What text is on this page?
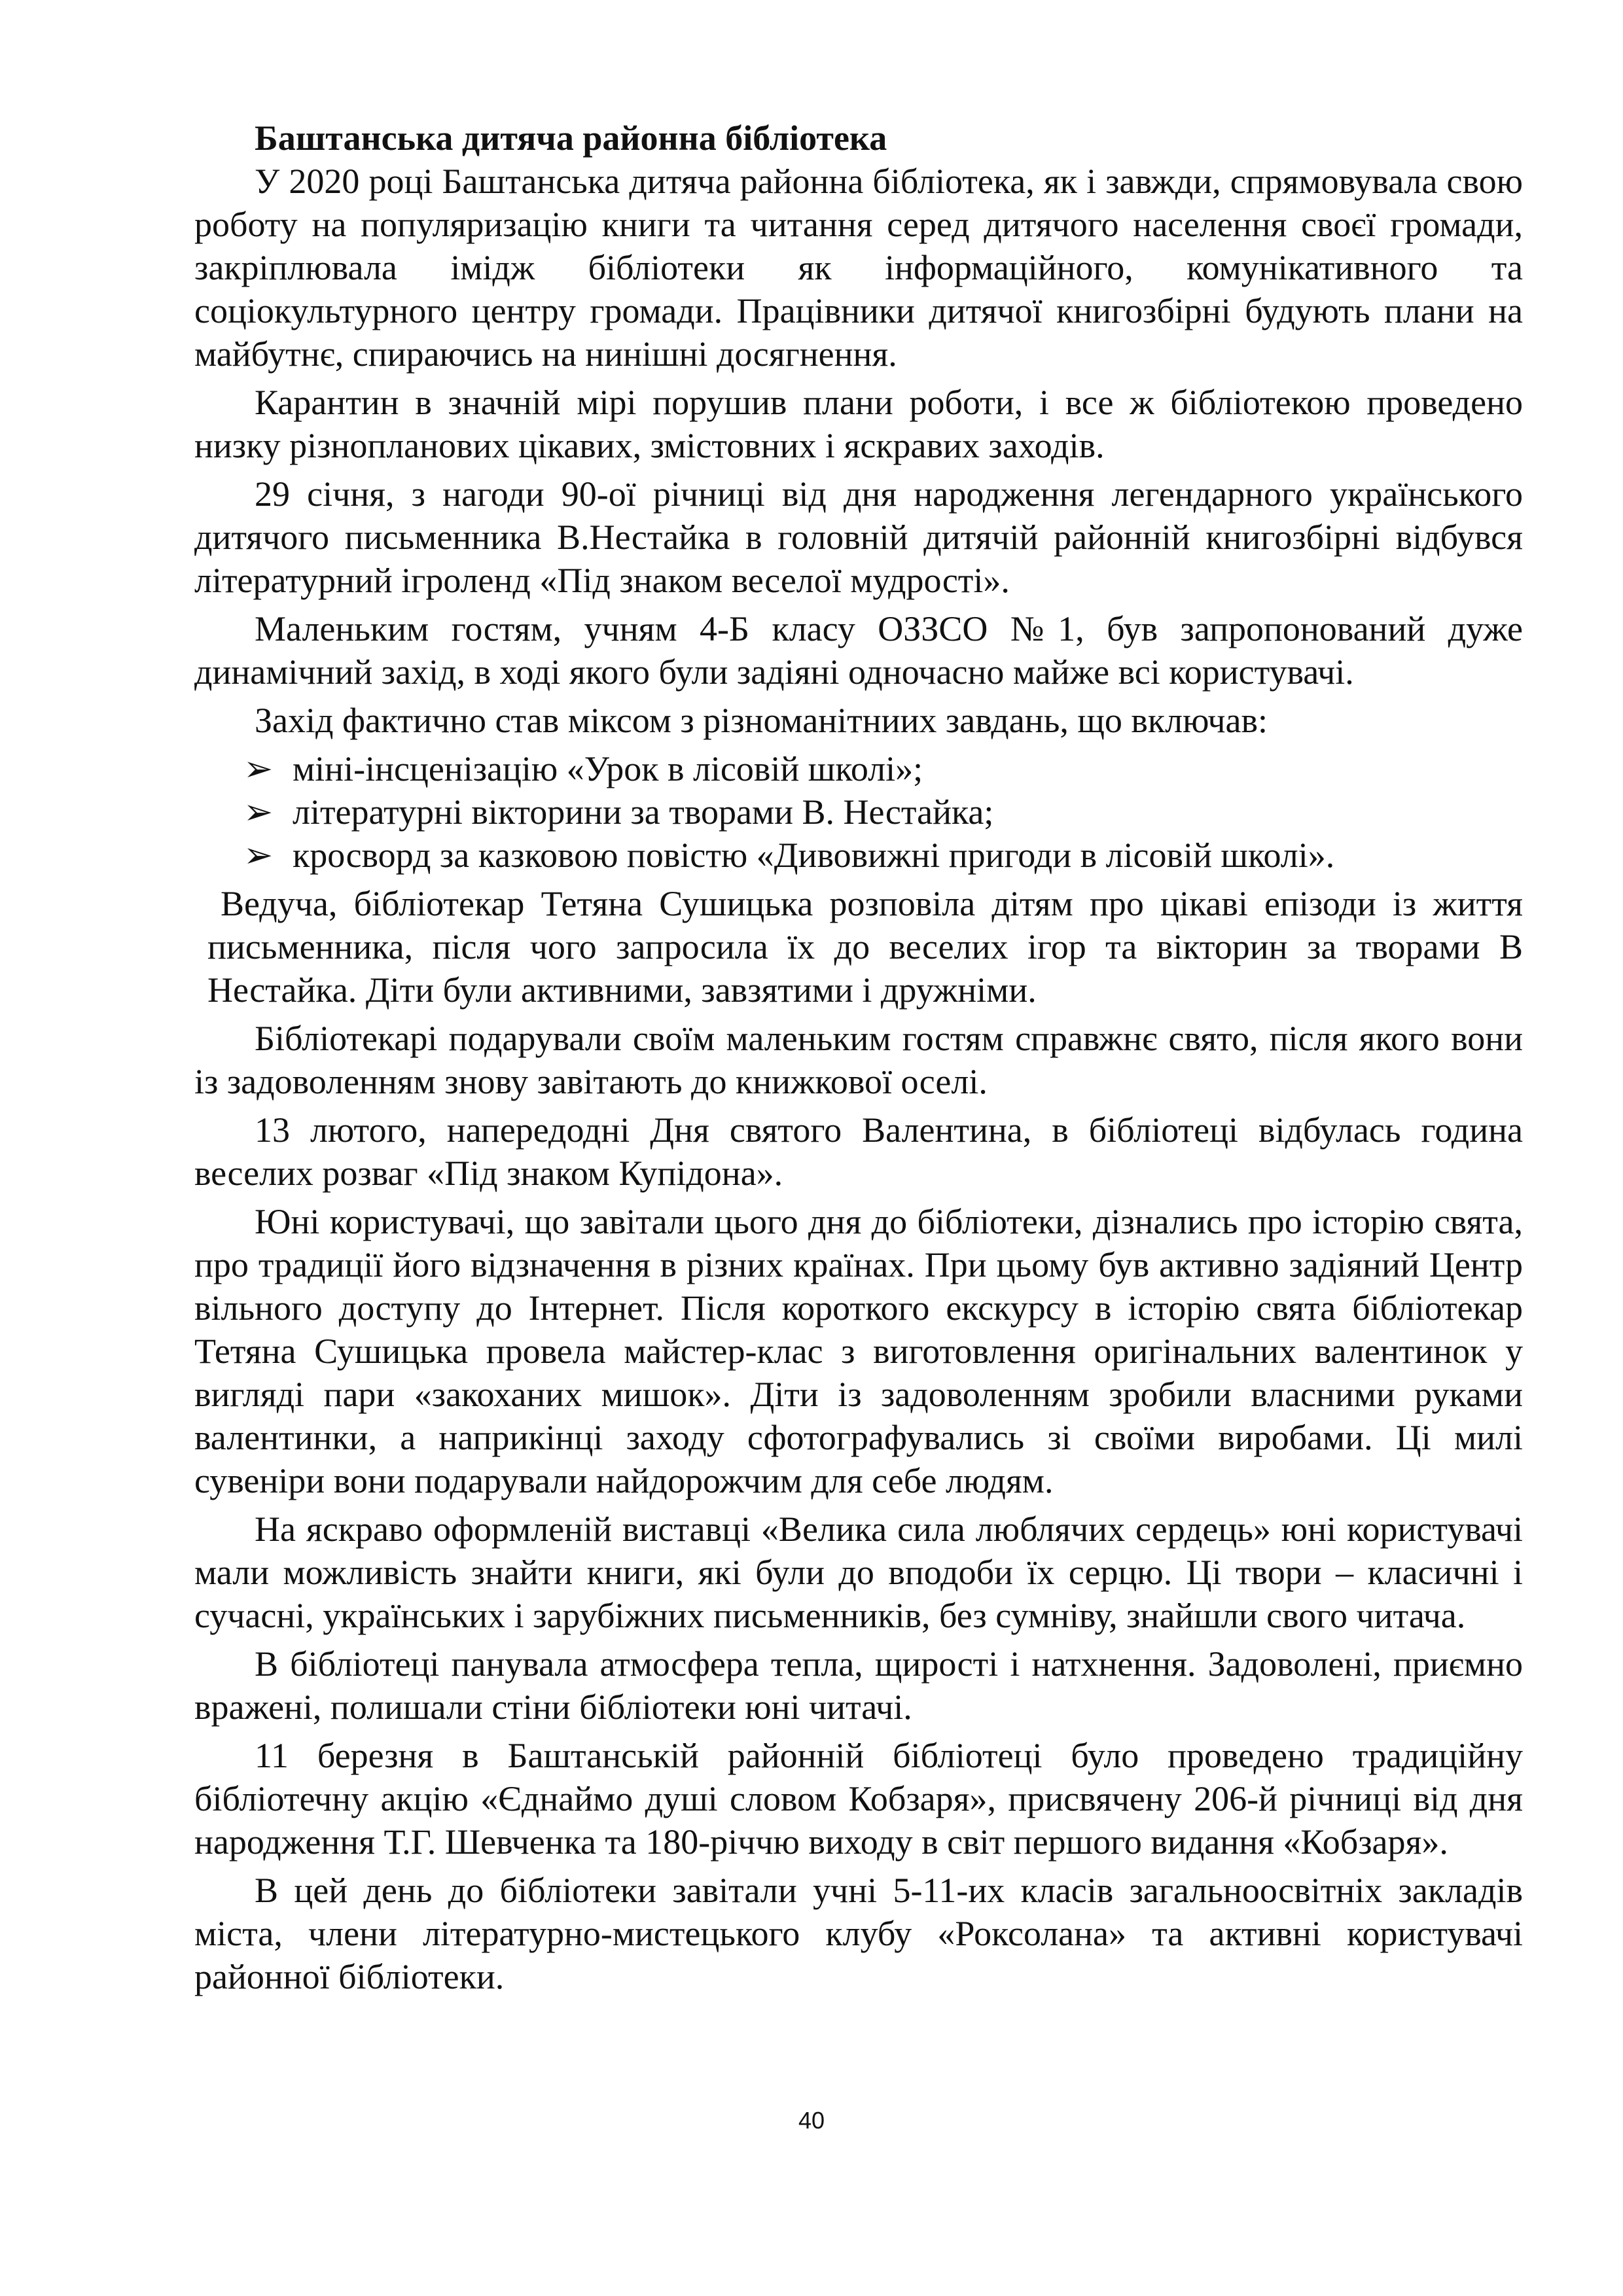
Баштанська дитяча районна бібліотека

У 2020 році Баштанська дитяча районна бібліотека, як і завжди, спрямовувала свою роботу на популяризацію книги та читання серед дитячого населення своєї громади, закріплювала імідж бібліотеки як інформаційного, комунікативного та соціокультурного центру громади. Працівники дитячої книгозбірні будують плани на майбутнє, спираючись на нинішні досягнення.

Карантин в значній мірі порушив плани роботи, і все ж бібліотекою проведено низку різнопланових цікавих, змістовних і яскравих заходів.

29 січня, з нагоди 90-ої річниці від дня народження легендарного українського дитячого письменника В.Нестайка в головній дитячій районній книгозбірні відбувся літературний ігроленд «Під знаком веселої мудрості».

Маленьким гостям, учням 4-Б класу ОЗЗСО №1, був запропонований дуже динамічний захід, в ході якого були задіяні одночасно майже всі користувачі.

Захід фактично став міксом з різноманітниих завдань, що включав:

➢ міні-інсценізацію «Урок в лісовій школі»;
➢ літературні вікторини за творами В. Нестайка;
➢ кросворд за казковою повістю «Дивовижні пригоди в лісовій школі».

Ведуча, бібліотекар Тетяна Сушицька розповіла дітям про цікаві епізоди із життя письменника, після чого запросила їх до веселих ігор та вікторин за творами В Нестайка. Діти були активними, завзятими і дружніми.

Бібліотекарі подарували своїм маленьким гостям справжнє свято, після якого вони із задоволенням знову завітають до книжкової оселі.

13 лютого, напередодні Дня святого Валентина, в бібліотеці відбулась година веселих розваг «Під знаком Купідона».

Юні користувачі, що завітали цього дня до бібліотеки, дізнались про історію свята, про традиції його відзначення в різних країнах. При цьому був активно задіяний Центр вільного доступу до Інтернет. Після короткого екскурсу в історію свята бібліотекар Тетяна Сушицька провела майстер-клас з виготовлення оригінальних валентинок у вигляді пари «закоханих мишок». Діти із задоволенням зробили власними руками валентинки, а наприкінці заходу сфотографувались зі своїми виробами. Ці милі сувеніри вони подарували найдорожчим для себе людям.

На яскраво оформленій виставці «Велика сила люблячих сердець» юні користувачі мали можливість знайти книги, які були до вподоби їх серцю. Ці твори – класичні і сучасні, українських і зарубіжних письменників, без сумніву, знайшли свого читача.

В бібліотеці панувала атмосфера тепла, щирості і натхнення. Задоволені, приємно вражені, полишали стіни бібліотеки юні читачі.

11 березня в Баштанській районній бібліотеці було проведено традиційну бібліотечну акцію «Єднаймо душі словом Кобзаря», присвячену 206-й річниці від дня народження Т.Г. Шевченка та 180-річчю виходу в світ першого видання «Кобзаря».

В цей день до бібліотеки завітали учні 5-11-их класів загальноосвітніх закладів міста, члени літературно-мистецького клубу «Роксолана» та активні користувачі районної бібліотеки.

40
